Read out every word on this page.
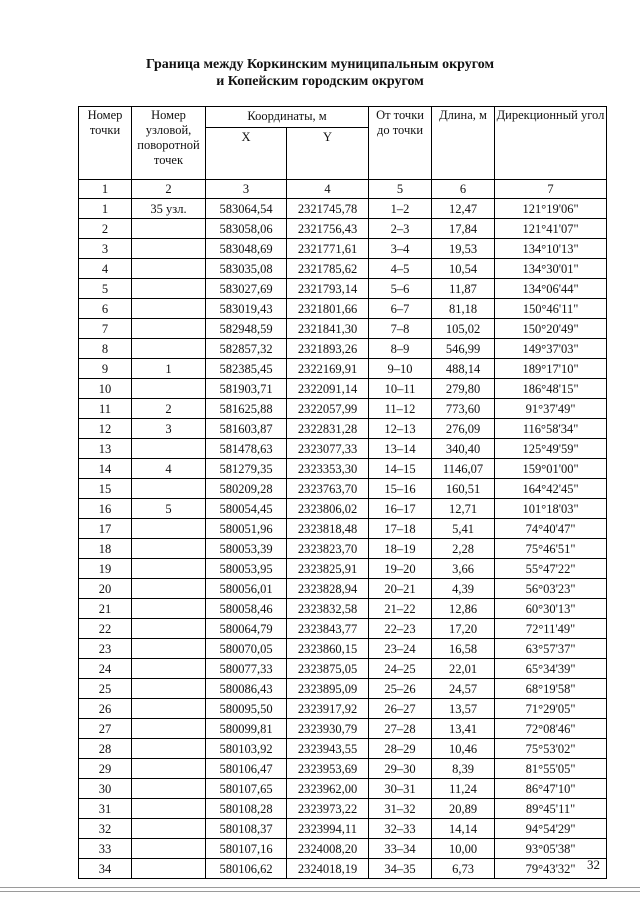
Граница между Коркинским муниципальным округом
и Копейским городским округом
Номер точки	Номер узловой, поворотной точек	Координаты, м		От точки до точки	Длина, м	Дирекционный угол
		X	Y			
1	2	3	4	5	6	7
1	35 узл.	583064,54	2321745,78	1–2	12,47	121°19'06"
2		583058,06	2321756,43	2–3	17,84	121°41'07"
3		583048,69	2321771,61	3–4	19,53	134°10'13"
4		583035,08	2321785,62	4–5	10,54	134°30'01"
5		583027,69	2321793,14	5–6	11,87	134°06'44"
6		583019,43	2321801,66	6–7	81,18	150°46'11"
7		582948,59	2321841,30	7–8	105,02	150°20'49"
8		582857,32	2321893,26	8–9	546,99	149°37'03"
9	1	582385,45	2322169,91	9–10	488,14	189°17'10"
10		581903,71	2322091,14	10–11	279,80	186°48'15"
11	2	581625,88	2322057,99	11–12	773,60	91°37'49"
12	3	581603,87	2322831,28	12–13	276,09	116°58'34"
13		581478,63	2323077,33	13–14	340,40	125°49'59"
14	4	581279,35	2323353,30	14–15	1146,07	159°01'00"
15		580209,28	2323763,70	15–16	160,51	164°42'45"
16	5	580054,45	2323806,02	16–17	12,71	101°18'03"
17		580051,96	2323818,48	17–18	5,41	74°40'47"
18		580053,39	2323823,70	18–19	2,28	75°46'51"
19		580053,95	2323825,91	19–20	3,66	55°47'22"
20		580056,01	2323828,94	20–21	4,39	56°03'23"
21		580058,46	2323832,58	21–22	12,86	60°30'13"
22		580064,79	2323843,77	22–23	17,20	72°11'49"
23		580070,05	2323860,15	23–24	16,58	63°57'37"
24		580077,33	2323875,05	24–25	22,01	65°34'39"
25		580086,43	2323895,09	25–26	24,57	68°19'58"
26		580095,50	2323917,92	26–27	13,57	71°29'05"
27		580099,81	2323930,79	27–28	13,41	72°08'46"
28		580103,92	2323943,55	28–29	10,46	75°53'02"
29		580106,47	2323953,69	29–30	8,39	81°55'05"
30		580107,65	2323962,00	30–31	11,24	86°47'10"
31		580108,28	2323973,22	31–32	20,89	89°45'11"
32		580108,37	2323994,11	32–33	14,14	94°54'29"
33		580107,16	2324008,20	33–34	10,00	93°05'38"
34		580106,62	2324018,19	34–35	6,73	79°43'32" 32
